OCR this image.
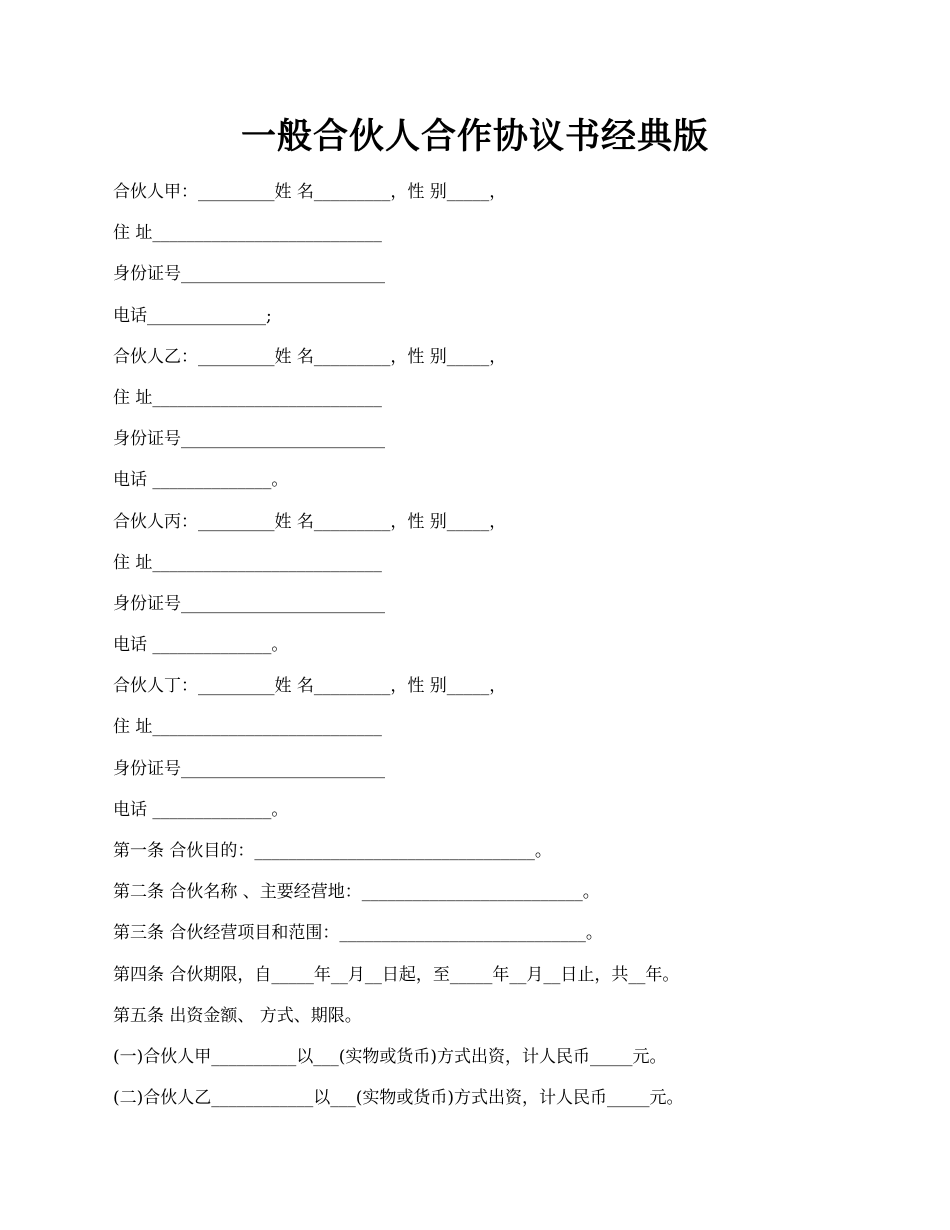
一般合伙人合作协议书经典版
合伙人甲：_________姓 名_________，性 别_____，
住 址___________________________
身份证号________________________
电话______________;
合伙人乙：_________姓 名_________，性 别_____，
住 址___________________________
身份证号________________________
电话 ______________。
合伙人丙：_________姓 名_________，性 别_____，
住 址___________________________
身份证号________________________
电话 ______________。
合伙人丁：_________姓 名_________，性 别_____，
住 址___________________________
身份证号________________________
电话 ______________。
第一条 合伙目的：_________________________________。
第二条 合伙名称 、主要经营地：__________________________。
第三条 合伙经营项目和范围：_____________________________。
第四条 合伙期限，自_____年__月__日起，至_____年__月__日止，共__年。
第五条 出资金额、 方式、期限。
(一)合伙人甲__________以___(实物或货币)方式出资，计人民币_____元。
(二)合伙人乙____________以___(实物或货币)方式出资，计人民币_____元。
